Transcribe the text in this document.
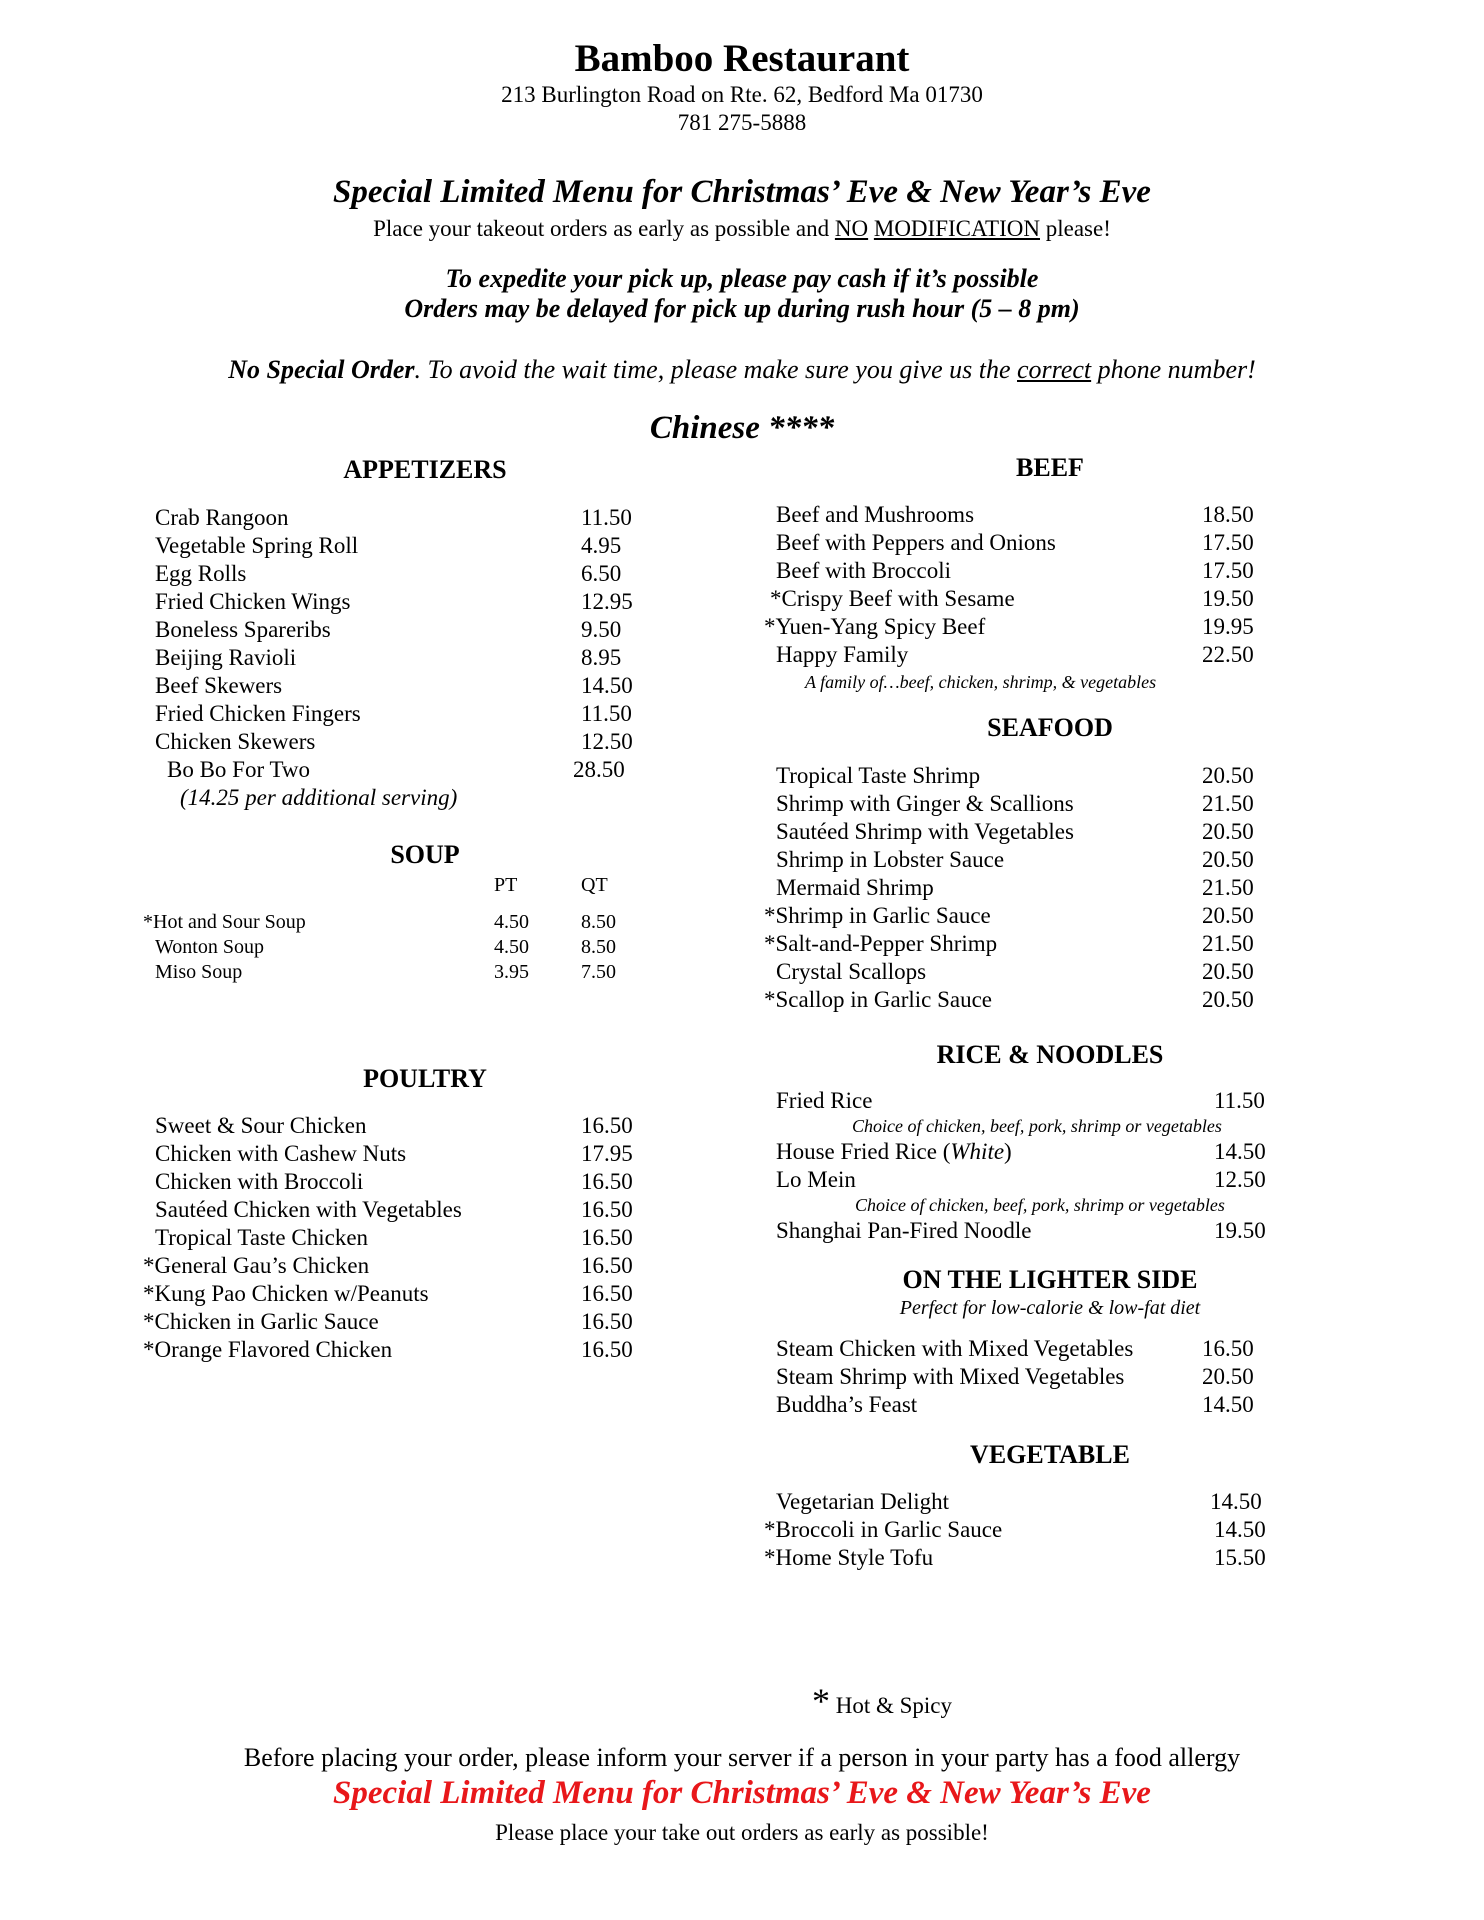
Bamboo Restaurant
213 Burlington Road on Rte. 62, Bedford Ma 01730
781 275-5888
Special Limited Menu for Christmas’ Eve & New Year’s Eve
Place your takeout orders as early as possible and NO MODIFICATION please!
To expedite your pick up, please pay cash if it’s possible
Orders may be delayed for pick up during rush hour (5 – 8 pm)
No Special Order. To avoid the wait time, please make sure you give us the correct phone number!
Chinese ****
APPETIZERS
Crab Rangoon	11.50
Vegetable Spring Roll	4.95
Egg Rolls	6.50
Fried Chicken Wings	12.95
Boneless Spareribs	9.50
Beijing Ravioli	8.95
Beef Skewers	14.50
Fried Chicken Fingers	11.50
Chicken Skewers	12.50
Bo Bo For Two	28.50
(14.25 per additional serving)
SOUP
PT	QT
*Hot and Sour Soup	4.50	8.50
Wonton Soup	4.50	8.50
Miso Soup	3.95	7.50
POULTRY
Sweet & Sour Chicken	16.50
Chicken with Cashew Nuts	17.95
Chicken with Broccoli	16.50
Sautéed Chicken with Vegetables	16.50
Tropical Taste Chicken	16.50
*General Gau’s Chicken	16.50
*Kung Pao Chicken w/Peanuts	16.50
*Chicken in Garlic Sauce	16.50
*Orange Flavored Chicken	16.50
BEEF
Beef and Mushrooms	18.50
Beef with Peppers and Onions	17.50
Beef with Broccoli	17.50
*Crispy Beef with Sesame	19.50
*Yuen-Yang Spicy Beef	19.95
Happy Family	22.50
A family of…beef, chicken, shrimp, & vegetables
SEAFOOD
Tropical Taste Shrimp	20.50
Shrimp with Ginger & Scallions	21.50
Sautéed Shrimp with Vegetables	20.50
Shrimp in Lobster Sauce	20.50
Mermaid Shrimp	21.50
*Shrimp in Garlic Sauce	20.50
*Salt-and-Pepper Shrimp	21.50
Crystal Scallops	20.50
*Scallop in Garlic Sauce	20.50
RICE & NOODLES
Fried Rice	11.50
Choice of chicken, beef, pork, shrimp or vegetables
House Fried Rice (White)	14.50
Lo Mein	12.50
Choice of chicken, beef, pork, shrimp or vegetables
Shanghai Pan-Fired Noodle	19.50
ON THE LIGHTER SIDE
Perfect for low-calorie & low-fat diet
Steam Chicken with Mixed Vegetables	16.50
Steam Shrimp with Mixed Vegetables	20.50
Buddha’s Feast	14.50
VEGETABLE
Vegetarian Delight	14.50
*Broccoli in Garlic Sauce	14.50
*Home Style Tofu	15.50
* Hot & Spicy
Before placing your order, please inform your server if a person in your party has a food allergy
Special Limited Menu for Christmas’ Eve & New Year’s Eve
Please place your take out orders as early as possible!
